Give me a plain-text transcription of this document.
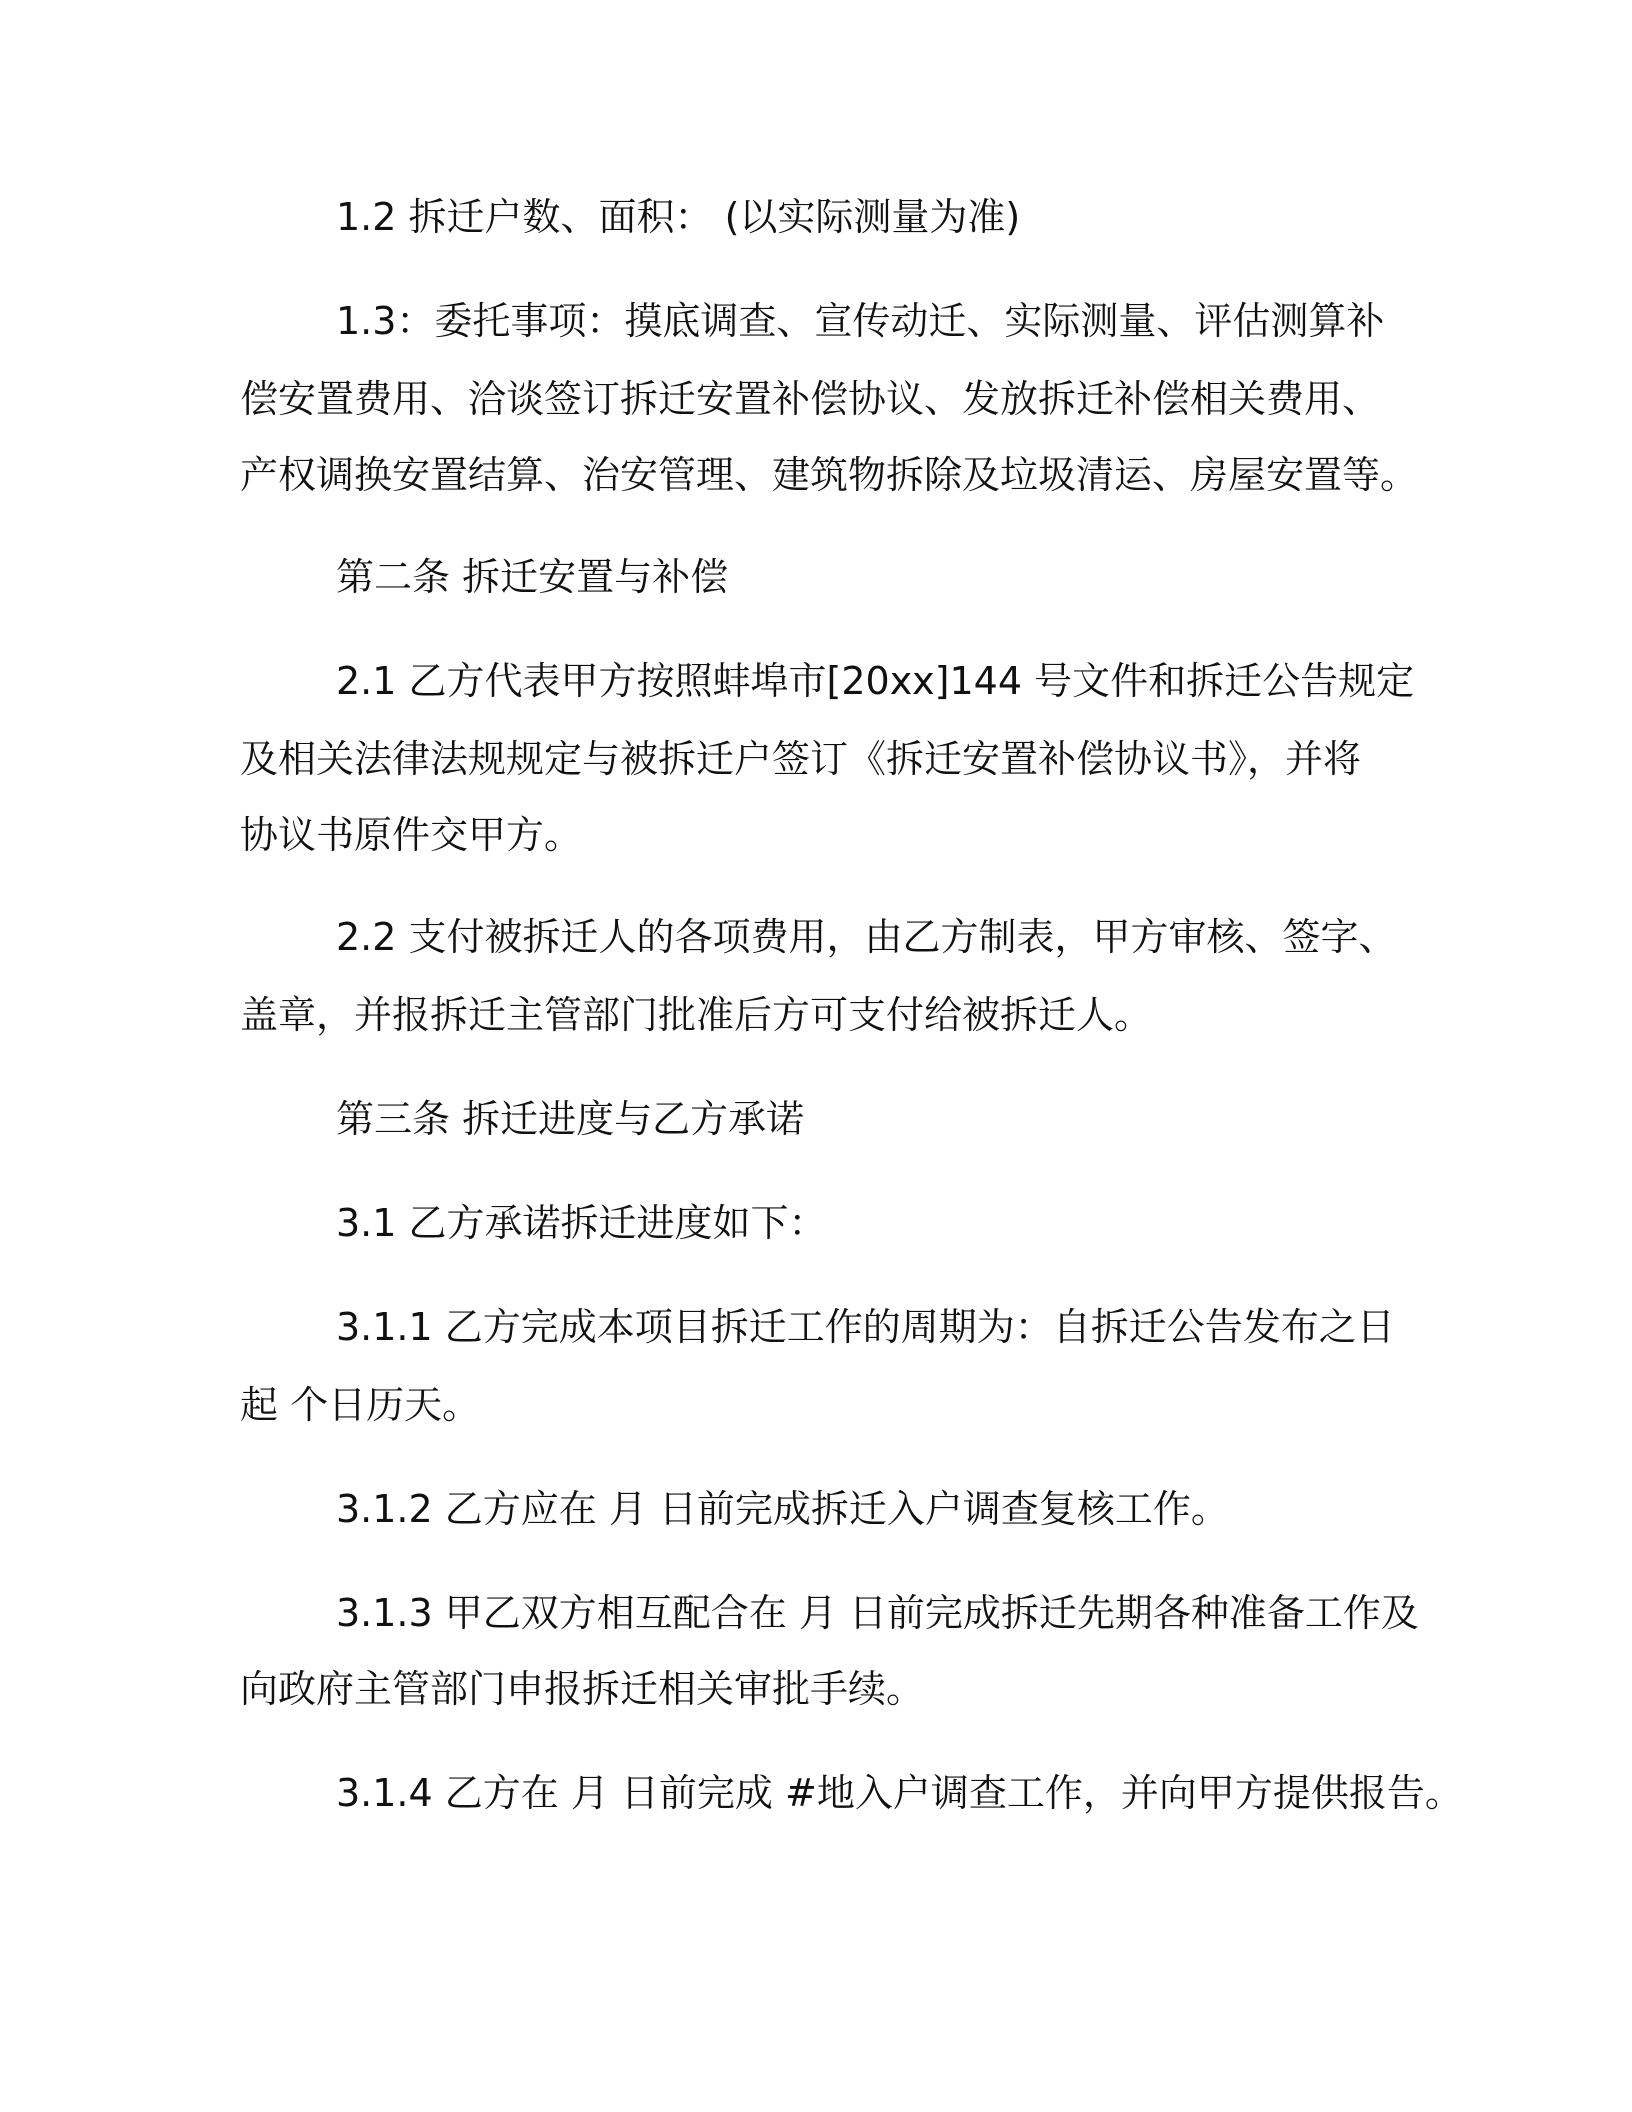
1.2 拆迁户数、面积： (以实际测量为准)
1.3：委托事项：摸底调查、宣传动迁、实际测量、评估测算补
偿安置费用、洽谈签订拆迁安置补偿协议、发放拆迁补偿相关费用、
产权调换安置结算、治安管理、建筑物拆除及垃圾清运、房屋安置等。
第二条 拆迁安置与补偿
2.1 乙方代表甲方按照蚌埠市[20xx]144 号文件和拆迁公告规定
及相关法律法规规定与被拆迁户签订《拆迁安置补偿协议书》，并将
协议书原件交甲方。
2.2 支付被拆迁人的各项费用，由乙方制表，甲方审核、签字、
盖章，并报拆迁主管部门批准后方可支付给被拆迁人。
第三条 拆迁进度与乙方承诺
3.1 乙方承诺拆迁进度如下：
3.1.1 乙方完成本项目拆迁工作的周期为：自拆迁公告发布之日
起 个日历天。
3.1.2 乙方应在 月 日前完成拆迁入户调查复核工作。
3.1.3 甲乙双方相互配合在 月 日前完成拆迁先期各种准备工作及
向政府主管部门申报拆迁相关审批手续。
3.1.4 乙方在 月 日前完成 #地入户调查工作，并向甲方提供报告。
